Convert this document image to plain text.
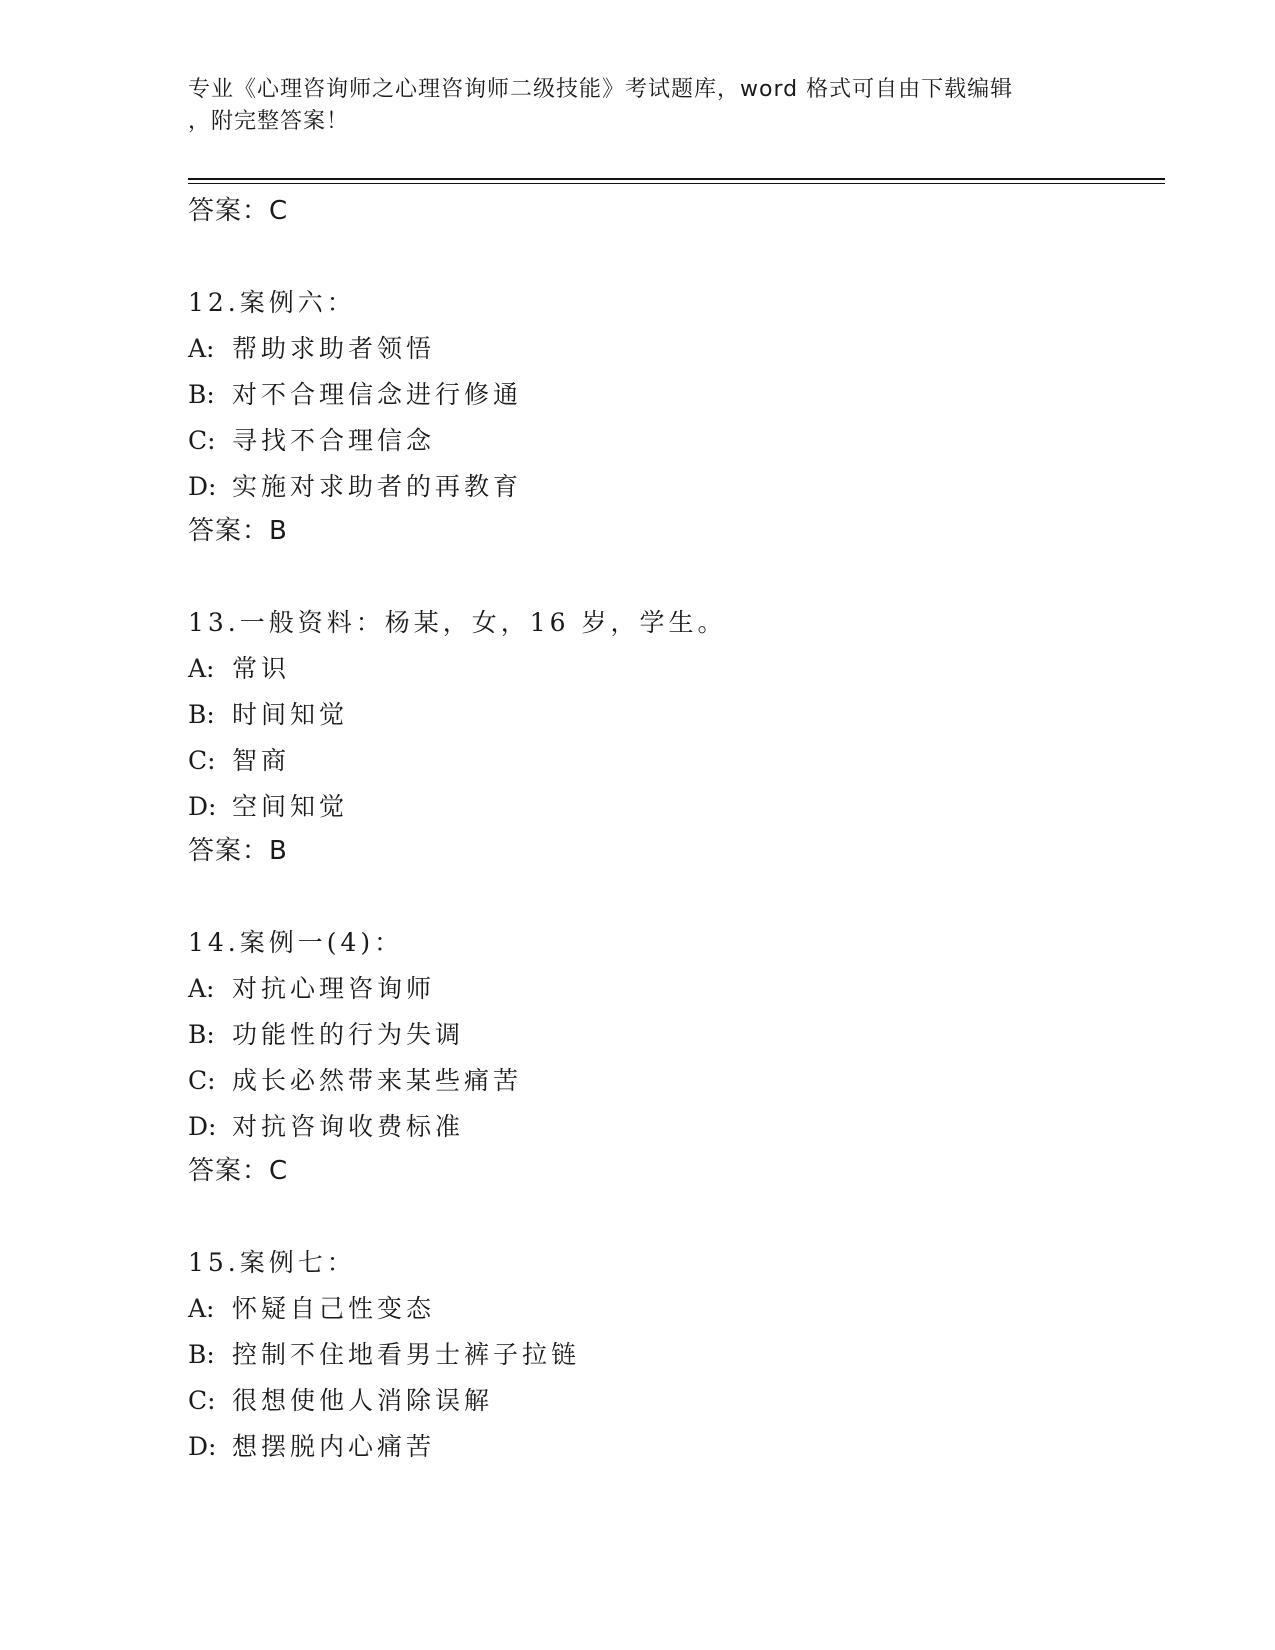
专业《心理咨询师之心理咨询师二级技能》考试题库，word 格式可自由下载编辑
，附完整答案！
答案：C
12.案例六：
A: 帮助求助者领悟
B: 对不合理信念进行修通
C: 寻找不合理信念
D: 实施对求助者的再教育
答案：B
13.一般资料：杨某，女，16 岁，学生。
A: 常识
B: 时间知觉
C: 智商
D: 空间知觉
答案：B
14.案例一(4)：
A: 对抗心理咨询师
B: 功能性的行为失调
C: 成长必然带来某些痛苦
D: 对抗咨询收费标准
答案：C
15.案例七：
A: 怀疑自己性变态
B: 控制不住地看男士裤子拉链
C: 很想使他人消除误解
D: 想摆脱内心痛苦
